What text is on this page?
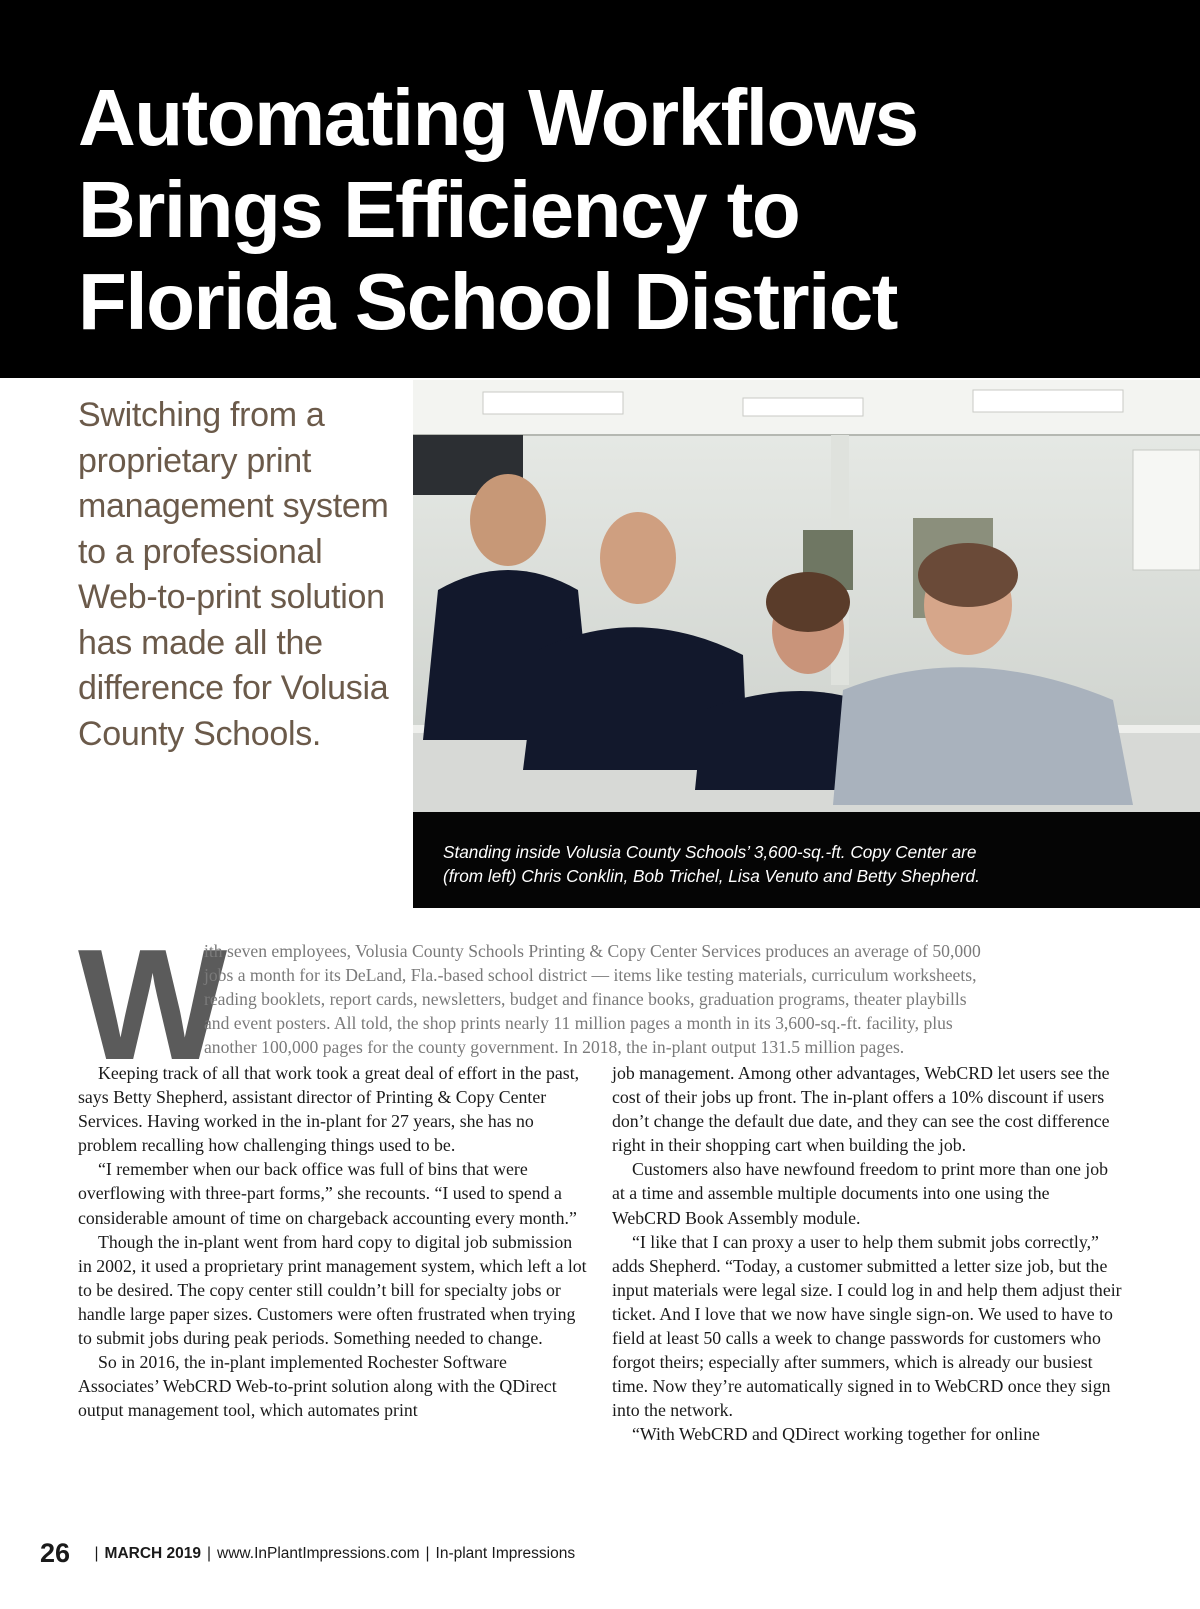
Automating Workflows
Brings Efficiency to
Florida School District
Switching from a proprietary print management system to a professional Web-to-print solution has made all the difference for Volusia County Schools.

Standing inside Volusia County Schools’ 3,600-sq.-ft. Copy Center are
(from left) Chris Conklin, Bob Trichel, Lisa Venuto and Betty Shepherd.

W

ith seven employees, Volusia County Schools Printing & Copy Center Services produces an average of 50,000
jobs a month for its DeLand, Fla.-based school district — items like testing materials, curriculum worksheets,
reading booklets, report cards, newsletters, budget and finance books, graduation programs, theater playbills
and event posters. All told, the shop prints nearly 11 million pages a month in its 3,600-sq.-ft. facility, plus
another 100,000 pages for the county government. In 2018, the in-plant output 131.5 million pages.

Keeping track of all that work took a great deal of effort in the past, says Betty Shepherd, assistant director of Printing & Copy Center Services. Having worked in the in-plant for 27 years, she has no problem recalling how challenging things used to be.

“I remember when our back office was full of bins that were overflowing with three-part forms,” she recounts. “I used to spend a considerable amount of time on chargeback accounting every month.”

Though the in-plant went from hard copy to digital job submission in 2002, it used a proprietary print management system, which left a lot to be desired. The copy center still couldn’t bill for specialty jobs or handle large paper sizes. Customers were often frustrated when trying to submit jobs during peak periods. Something needed to change.

So in 2016, the in-plant implemented Rochester Software Associates’ WebCRD Web-to-print solution along with the QDirect output management tool, which automates print

job management. Among other advantages, WebCRD let users see the cost of their jobs up front. The in-plant offers a 10% discount if users don’t change the default due date, and they can see the cost difference right in their shopping cart when building the job.

Customers also have newfound freedom to print more than one job at a time and assemble multiple documents into one using the WebCRD Book Assembly module.

“I like that I can proxy a user to help them submit jobs correctly,” adds Shepherd. “Today, a customer submitted a letter size job, but the input materials were legal size. I could log in and help them adjust their ticket. And I love that we now have single sign-on. We used to have to field at least 50 calls a week to change passwords for customers who forgot theirs; especially after summers, which is already our busiest time. Now they’re automatically signed in to WebCRD once they sign into the network.

“With WebCRD and QDirect working together for online

26 | MARCH 2019 | www.InPlantImpressions.com | In-plant Impressions
